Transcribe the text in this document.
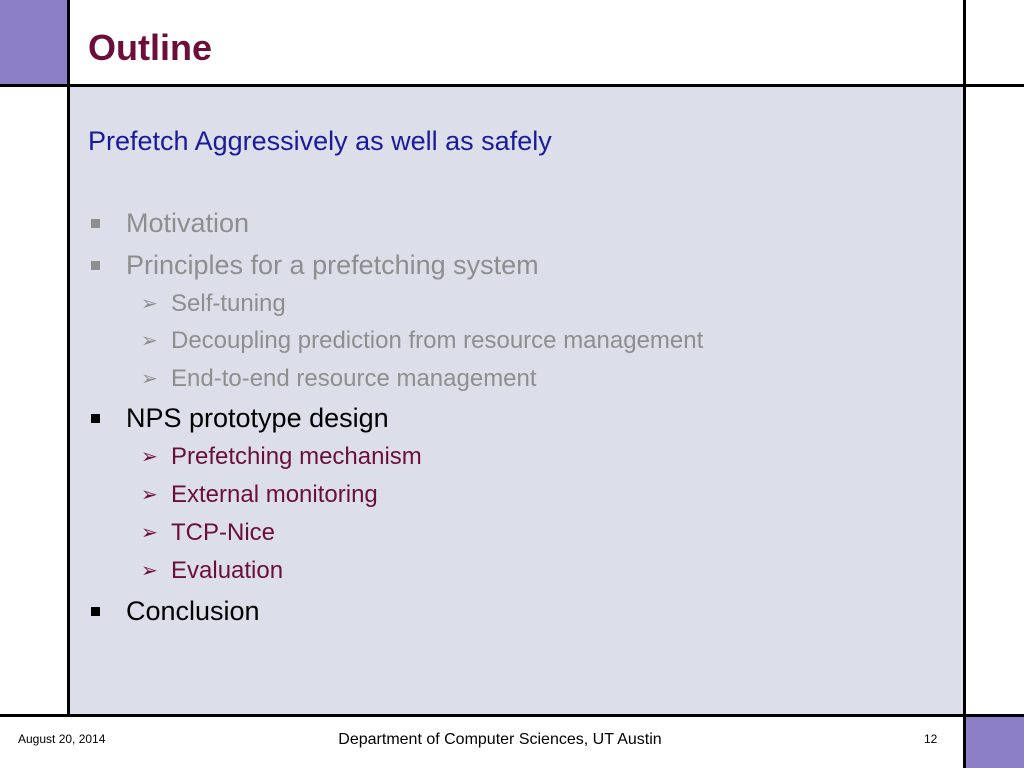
Outline
Prefetch Aggressively as well as safely
Motivation
Principles for a prefetching system
➢ Self-tuning
➢ Decoupling prediction from resource management
➢ End-to-end resource management
NPS prototype design
➢ Prefetching mechanism
➢ External monitoring
➢ TCP-Nice
➢ Evaluation
Conclusion
August 20, 2014	Department of Computer Sciences, UT Austin	12
